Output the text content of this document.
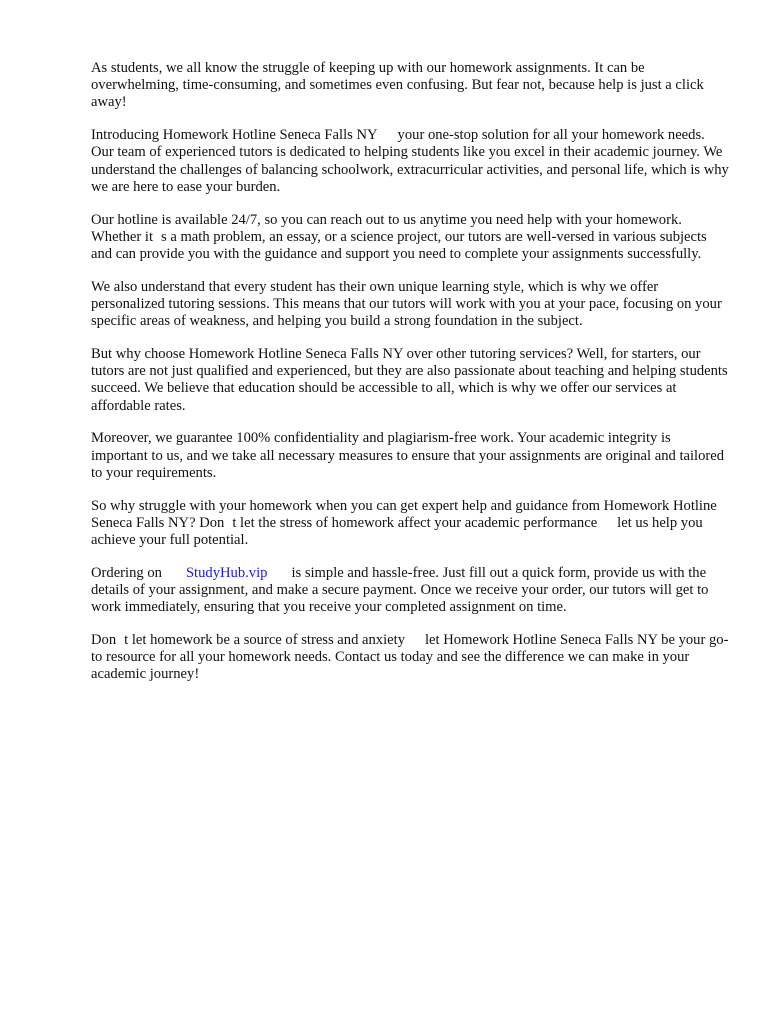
As students, we all know the struggle of keeping up with our homework assignments. It can be overwhelming, time-consuming, and sometimes even confusing. But fear not, because help is just a click away!

Introducing Homework Hotline Seneca Falls NY your one-stop solution for all your homework needs. Our team of experienced tutors is dedicated to helping students like you excel in their academic journey. We understand the challenges of balancing schoolwork, extracurricular activities, and personal life, which is why we are here to ease your burden.

Our hotline is available 24/7, so you can reach out to us anytime you need help with your homework. Whether it s a math problem, an essay, or a science project, our tutors are well-versed in various subjects and can provide you with the guidance and support you need to complete your assignments successfully.

We also understand that every student has their own unique learning style, which is why we offer personalized tutoring sessions. This means that our tutors will work with you at your pace, focusing on your specific areas of weakness, and helping you build a strong foundation in the subject.

But why choose Homework Hotline Seneca Falls NY over other tutoring services? Well, for starters, our tutors are not just qualified and experienced, but they are also passionate about teaching and helping students succeed. We believe that education should be accessible to all, which is why we offer our services at affordable rates.

Moreover, we guarantee 100% confidentiality and plagiarism-free work. Your academic integrity is important to us, and we take all necessary measures to ensure that your assignments are original and tailored to your requirements.

So why struggle with your homework when you can get expert help and guidance from Homework Hotline Seneca Falls NY? Don t let the stress of homework affect your academic performance let us help you achieve your full potential.

Ordering on StudyHub.vip is simple and hassle-free. Just fill out a quick form, provide us with the details of your assignment, and make a secure payment. Once we receive your order, our tutors will get to work immediately, ensuring that you receive your completed assignment on time.

Don t let homework be a source of stress and anxiety let Homework Hotline Seneca Falls NY be your go-to resource for all your homework needs. Contact us today and see the difference we can make in your academic journey!
